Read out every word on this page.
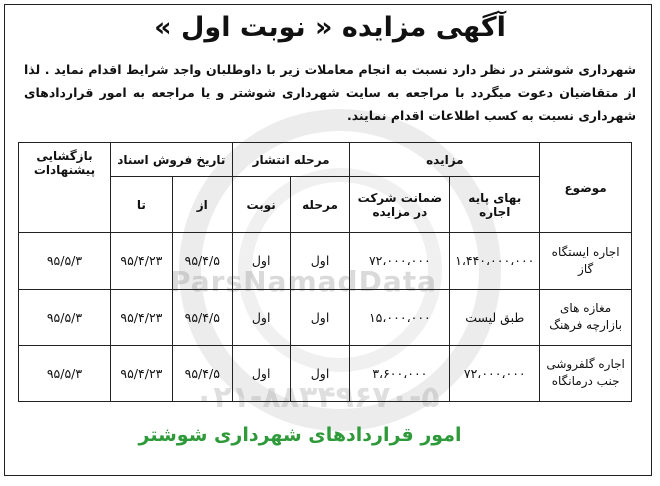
ParsNamadData
۰۲۱-۸۸۳۴۹۶۷۰-۵
آگهی مزایده « نوبت اول »
شهرداری شوشتر در نظر دارد نسبت به انجام معاملات زیر با داوطلبان واجد شرایط اقدام نماید . لذا از متقاضیان دعوت میگردد با مراجعه به سایت شهرداری شوشتر و یا مراجعه به امور قراردادهای شهرداری نسبت به کسب اطلاعات اقدام نمایند.
موضوع	مزایده		مرحله انتشار		تاریخ فروش اسناد		بازگشایی پیشنهادات
	بهای پایه اجاره	ضمانت شرکت در مزایده	مرحله	نوبت	از	تا	
اجاره ایستگاه گاز	۱،۴۴۰،۰۰۰،۰۰۰	۷۲،۰۰۰،۰۰۰	اول	اول	۹۵/۴/۵	۹۵/۴/۲۳	۹۵/۵/۳
مغازه های بازارچه فرهنگ	طبق لیست	۱۵،۰۰۰،۰۰۰	اول	اول	۹۵/۴/۵	۹۵/۴/۲۳	۹۵/۵/۳
اجاره گلفروشی جنب درمانگاه	۷۲،۰۰۰،۰۰۰	۳،۶۰۰،۰۰۰	اول	اول	۹۵/۴/۵	۹۵/۴/۲۳	۹۵/۵/۳
امور قراردادهای شهرداری شوشتر
